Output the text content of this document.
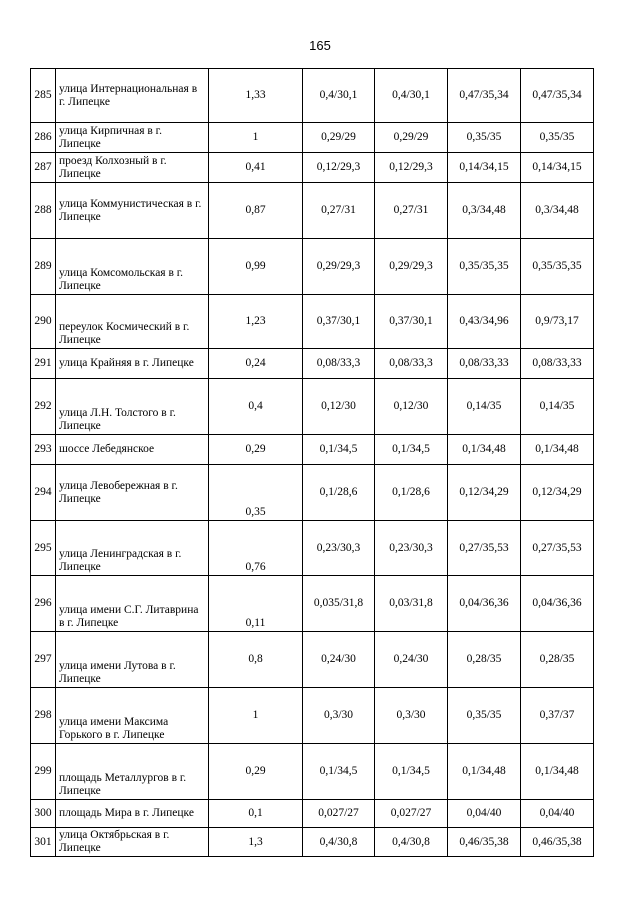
165
285	улица Интернациональная в г. Липецке	1,33	0,4/30,1	0,4/30,1	0,47/35,34	0,47/35,34
286	улица Кирпичная в г. Липецке	1	0,29/29	0,29/29	0,35/35	0,35/35
287	проезд Колхозный в г. Липецке	0,41	0,12/29,3	0,12/29,3	0,14/34,15	0,14/34,15
288	улица Коммунистическая в г. Липецке	0,87	0,27/31	0,27/31	0,3/34,48	0,3/34,48
289	улица Комсомольская в г. Липецке	0,99	0,29/29,3	0,29/29,3	0,35/35,35	0,35/35,35
290	переулок Космический в г. Липецке	1,23	0,37/30,1	0,37/30,1	0,43/34,96	0,9/73,17
291	улица Крайняя в г. Липецке	0,24	0,08/33,3	0,08/33,3	0,08/33,33	0,08/33,33
292	улица Л.Н. Толстого в г. Липецке	0,4	0,12/30	0,12/30	0,14/35	0,14/35
293	шоссе Лебедянское	0,29	0,1/34,5	0,1/34,5	0,1/34,48	0,1/34,48
294	улица Левобережная в г. Липецке	0,35	0,1/28,6	0,1/28,6	0,12/34,29	0,12/34,29
295	улица Ленинградская в г. Липецке	0,76	0,23/30,3	0,23/30,3	0,27/35,53	0,27/35,53
296	улица имени С.Г. Литаврина в г. Липецке	0,11	0,035/31,8	0,03/31,8	0,04/36,36	0,04/36,36
297	улица имени Лутова в г. Липецке	0,8	0,24/30	0,24/30	0,28/35	0,28/35
298	улица имени Максима Горького в г. Липецке	1	0,3/30	0,3/30	0,35/35	0,37/37
299	площадь Металлургов в г. Липецке	0,29	0,1/34,5	0,1/34,5	0,1/34,48	0,1/34,48
300	площадь Мира в г. Липецке	0,1	0,027/27	0,027/27	0,04/40	0,04/40
301	улица Октябрьская в г. Липецке	1,3	0,4/30,8	0,4/30,8	0,46/35,38	0,46/35,38
